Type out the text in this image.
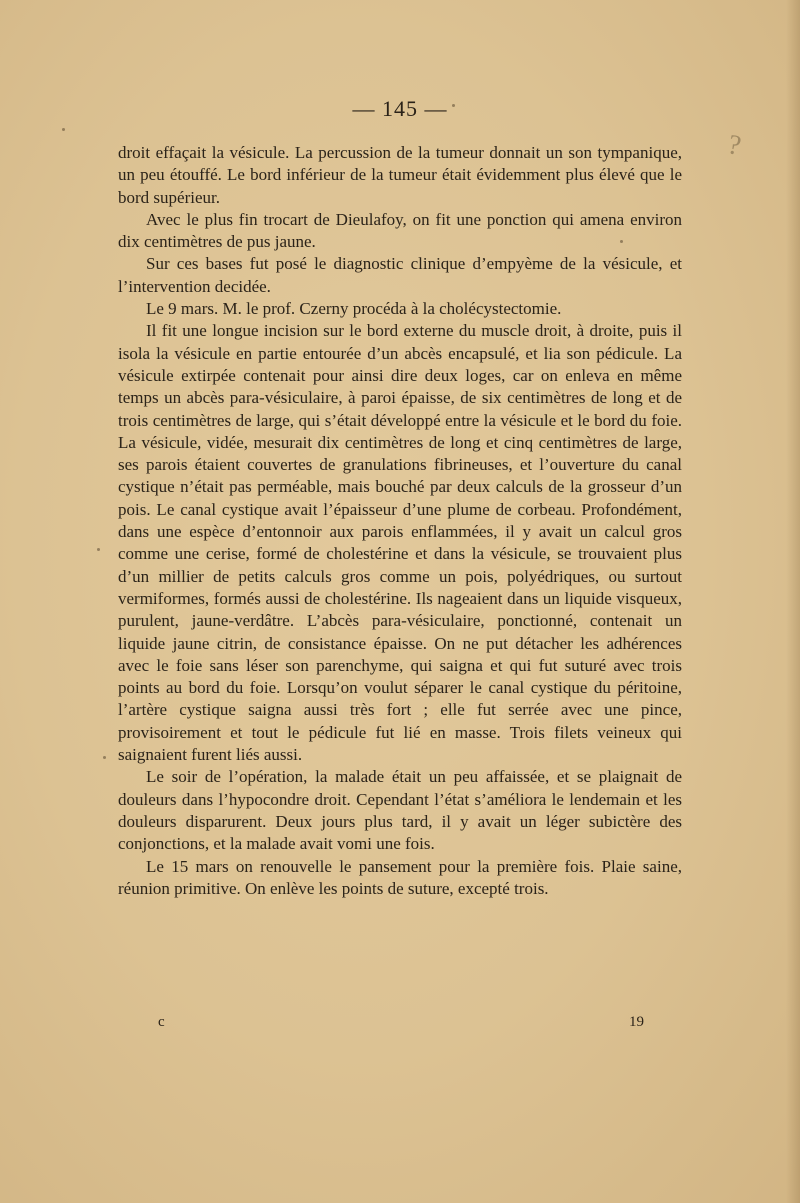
— 145 —

droit effaçait la vésicule. La percussion de la tumeur donnait un son tympanique, un peu étouffé. Le bord inférieur de la tumeur était évidemment plus élevé que le bord supérieur.

Avec le plus fin trocart de Dieulafoy, on fit une ponction qui amena environ dix centimètres de pus jaune.

Sur ces bases fut posé le diagnostic clinique d’empyème de la vésicule, et l’intervention decidée.

Le 9 mars. M. le prof. Czerny procéda à la cholécystectomie.

Il fit une longue incision sur le bord externe du muscle droit, à droite, puis il isola la vésicule en partie entourée d’un abcès encapsulé, et lia son pédicule. La vésicule extirpée contenait pour ainsi dire deux loges, car on enleva en même temps un abcès para-vésiculaire, à paroi épaisse, de six centimètres de long et de trois centimètres de large, qui s’était développé entre la vésicule et le bord du foie. La vésicule, vidée, mesurait dix centimètres de long et cinq centimètres de large, ses parois étaient couvertes de granulations fibrineuses, et l’ouverture du canal cystique n’était pas perméable, mais bouché par deux calculs de la grosseur d’un pois. Le canal cystique avait l’épaisseur d’une plume de corbeau. Profondément, dans une espèce d’entonnoir aux parois enflammées, il y avait un calcul gros comme une cerise, formé de cholestérine et dans la vésicule, se trouvaient plus d’un millier de petits calculs gros comme un pois, polyédriques, ou surtout vermiformes, formés aussi de cholestérine. Ils nageaient dans un liquide visqueux, purulent, jaune-verdâtre. L’abcès para-vésiculaire, ponctionné, contenait un liquide jaune citrin, de consistance épaisse. On ne put détacher les adhérences avec le foie sans léser son parenchyme, qui saigna et qui fut suturé avec trois points au bord du foie. Lorsqu’on voulut séparer le canal cystique du péritoine, l’artère cystique saigna aussi très fort ; elle fut serrée avec une pince, provisoirement et tout le pédicule fut lié en masse. Trois filets veineux qui saignaient furent liés aussi.

Le soir de l’opération, la malade était un peu affaissée, et se plaignait de douleurs dans l’hypocondre droit. Cependant l’état s’améliora le lendemain et les douleurs disparurent. Deux jours plus tard, il y avait un léger subictère des conjonctions, et la malade avait vomi une fois.

Le 15 mars on renouvelle le pansement pour la première fois. Plaie saine, réunion primitive. On enlève les points de suture, excepté trois.

c	19
?
